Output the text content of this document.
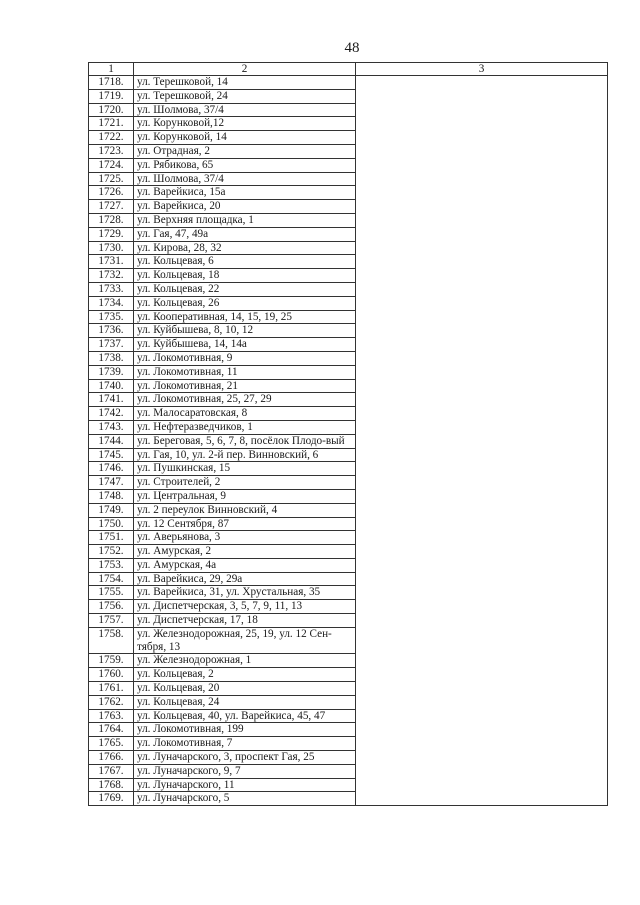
48
1	2	3
1718.	ул. Терешковой, 14	
1719.	ул. Терешковой, 24	
1720.	ул. Шолмова, 37/4	
1721.	ул. Корунковой,12	
1722.	ул. Корунковой, 14	
1723.	ул. Отрадная, 2	
1724.	ул. Рябикова, 65	
1725.	ул. Шолмова, 37/4	
1726.	ул. Варейкиса, 15а	
1727.	ул. Варейкиса, 20	
1728.	ул. Верхняя площадка, 1	
1729.	ул. Гая, 47, 49а	
1730.	ул. Кирова, 28, 32	
1731.	ул. Кольцевая, 6	
1732.	ул. Кольцевая, 18	
1733.	ул. Кольцевая, 22	
1734.	ул. Кольцевая, 26	
1735.	ул. Кооперативная, 14, 15, 19, 25	
1736.	ул. Куйбышева, 8, 10, 12	
1737.	ул. Куйбышева, 14, 14а	
1738.	ул. Локомотивная, 9	
1739.	ул. Локомотивная, 11	
1740.	ул. Локомотивная, 21	
1741.	ул. Локомотивная, 25, 27, 29	
1742.	ул. Малосаратовская, 8	
1743.	ул. Нефтеразведчиков, 1	
1744.	ул. Береговая, 5, 6, 7, 8, посёлок Плодо-вый	
1745.	ул. Гая, 10, ул. 2-й пер. Винновский, 6	
1746.	ул. Пушкинская, 15	
1747.	ул. Строителей, 2	
1748.	ул. Центральная, 9	
1749.	ул. 2 переулок Винновский, 4	
1750.	ул. 12 Сентября, 87	
1751.	ул. Аверьянова, 3	
1752.	ул. Амурская, 2	
1753.	ул. Амурская, 4а	
1754.	ул. Варейкиса, 29, 29а	
1755.	ул. Варейкиса, 31, ул. Хрустальная, 35	
1756.	ул. Диспетчерская, 3, 5, 7, 9, 11, 13	
1757.	ул. Диспетчерская, 17, 18	
1758.	ул. Железнодорожная, 25, 19, ул. 12 Сен-тября, 13	
1759.	ул. Железнодорожная, 1	
1760.	ул. Кольцевая, 2	
1761.	ул. Кольцевая, 20	
1762.	ул. Кольцевая, 24	
1763.	ул. Кольцевая, 40, ул. Варейкиса, 45, 47	
1764.	ул. Локомотивная, 199	
1765.	ул. Локомотивная, 7	
1766.	ул. Луначарского, 3, проспект Гая, 25	
1767.	ул. Луначарского, 9, 7	
1768.	ул. Луначарского, 11	
1769.	ул. Луначарского, 5	
